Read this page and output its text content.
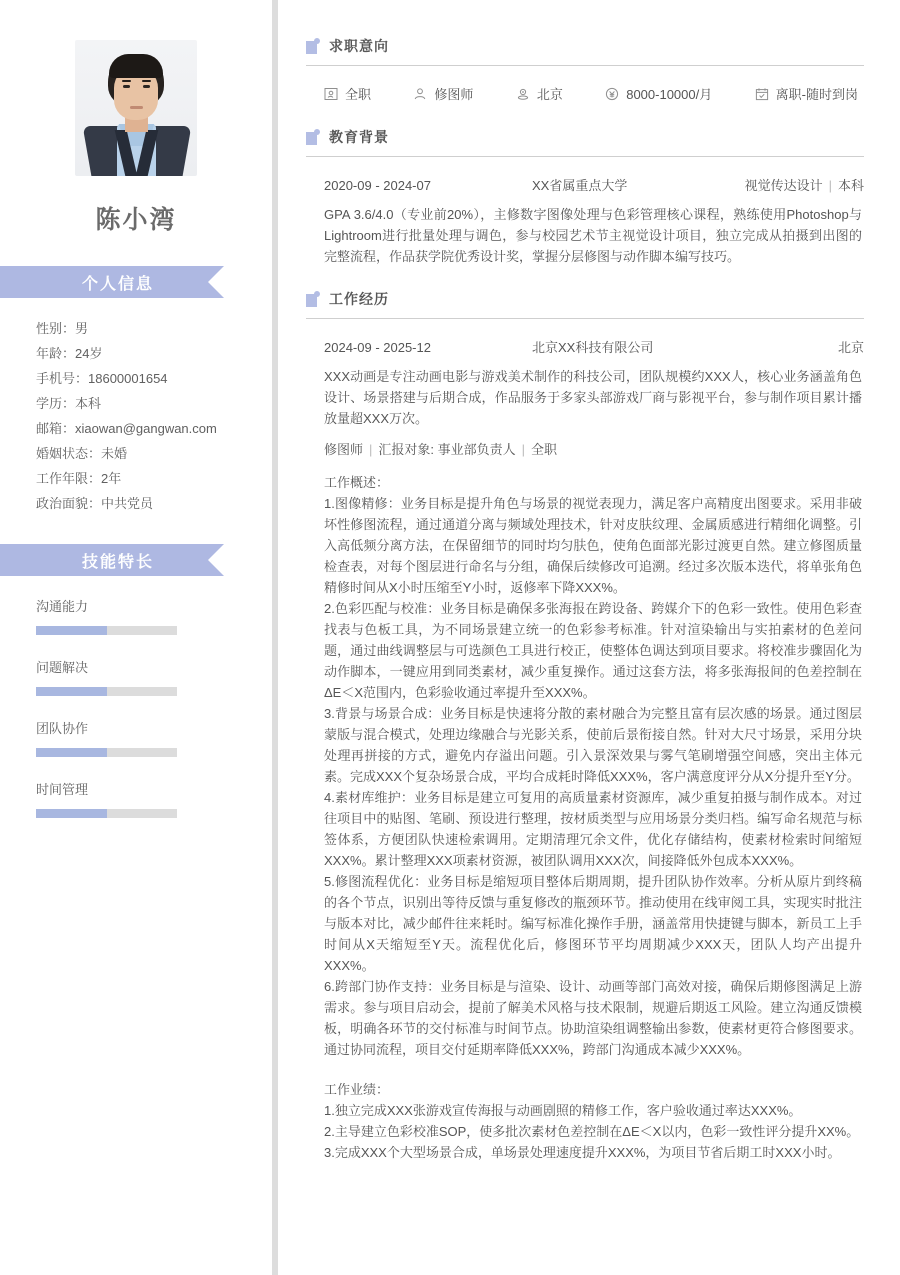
陈小湾
个人信息
性别：男
年龄：24岁
手机号：18600001654
学历：本科
邮箱：xiaowan@gangwan.com
婚姻状态：未婚
工作年限：2年
政治面貌：中共党员
技能特长
沟通能力
问题解决
团队协作
时间管理
求职意向
全职	修图师	北京	8000-10000/月	离职-随时到岗
教育背景
2020-09 - 2024-07	XX省属重点大学	视觉传达设计 | 本科
GPA 3.6/4.0（专业前20%），主修数字图像处理与色彩管理核心课程，熟练使用Photoshop与Lightroom进行批量处理与调色，参与校园艺术节主视觉设计项目，独立完成从拍摄到出图的完整流程，作品获学院优秀设计奖，掌握分层修图与动作脚本编写技巧。
工作经历
2024-09 - 2025-12	北京XX科技有限公司	北京
XXX动画是专注动画电影与游戏美术制作的科技公司，团队规模约XXX人，核心业务涵盖角色设计、场景搭建与后期合成，作品服务于多家头部游戏厂商与影视平台，参与制作项目累计播放量超XXX万次。
修图师 | 汇报对象: 事业部负责人 | 全职

工作概述：

1.图像精修：业务目标是提升角色与场景的视觉表现力，满足客户高精度出图要求。采用非破坏性修图流程，通过通道分离与频域处理技术，针对皮肤纹理、金属质感进行精细化调整。引入高低频分离方法，在保留细节的同时均匀肤色，使角色面部光影过渡更自然。建立修图质量检查表，对每个图层进行命名与分组，确保后续修改可追溯。经过多次版本迭代，将单张角色精修时间从X小时压缩至Y小时，返修率下降XXX%。

2.色彩匹配与校准：业务目标是确保多张海报在跨设备、跨媒介下的色彩一致性。使用色彩查找表与色板工具，为不同场景建立统一的色彩参考标准。针对渲染输出与实拍素材的色差问题，通过曲线调整层与可选颜色工具进行校正，使整体色调达到项目要求。将校准步骤固化为动作脚本，一键应用到同类素材，减少重复操作。通过这套方法，将多张海报间的色差控制在ΔE＜X范围内，色彩验收通过率提升至XXX%。

3.背景与场景合成：业务目标是快速将分散的素材融合为完整且富有层次感的场景。通过图层蒙版与混合模式，处理边缘融合与光影关系，使前后景衔接自然。针对大尺寸场景，采用分块处理再拼接的方式，避免内存溢出问题。引入景深效果与雾气笔刷增强空间感，突出主体元素。完成XXX个复杂场景合成，平均合成耗时降低XXX%，客户满意度评分从X分提升至Y分。

4.素材库维护：业务目标是建立可复用的高质量素材资源库，减少重复拍摄与制作成本。对过往项目中的贴图、笔刷、预设进行整理，按材质类型与应用场景分类归档。编写命名规范与标签体系，方便团队快速检索调用。定期清理冗余文件，优化存储结构，使素材检索时间缩短XXX%。累计整理XXX项素材资源，被团队调用XXX次，间接降低外包成本XXX%。

5.修图流程优化：业务目标是缩短项目整体后期周期，提升团队协作效率。分析从原片到终稿的各个节点，识别出等待反馈与重复修改的瓶颈环节。推动使用在线审阅工具，实现实时批注与版本对比，减少邮件往来耗时。编写标准化操作手册，涵盖常用快捷键与脚本，新员工上手时间从X天缩短至Y天。流程优化后，修图环节平均周期减少XXX天，团队人均产出提升XXX%。

6.跨部门协作支持：业务目标是与渲染、设计、动画等部门高效对接，确保后期修图满足上游需求。参与项目启动会，提前了解美术风格与技术限制，规避后期返工风险。建立沟通反馈模板，明确各环节的交付标准与时间节点。协助渲染组调整输出参数，使素材更符合修图要求。通过协同流程，项目交付延期率降低XXX%，跨部门沟通成本减少XXX%。

工作业绩：

1.独立完成XXX张游戏宣传海报与动画剧照的精修工作，客户验收通过率达XXX%。

2.主导建立色彩校准SOP，使多批次素材色差控制在ΔE＜X以内，色彩一致性评分提升XX%。

3.完成XXX个大型场景合成，单场景处理速度提升XXX%，为项目节省后期工时XXX小时。
